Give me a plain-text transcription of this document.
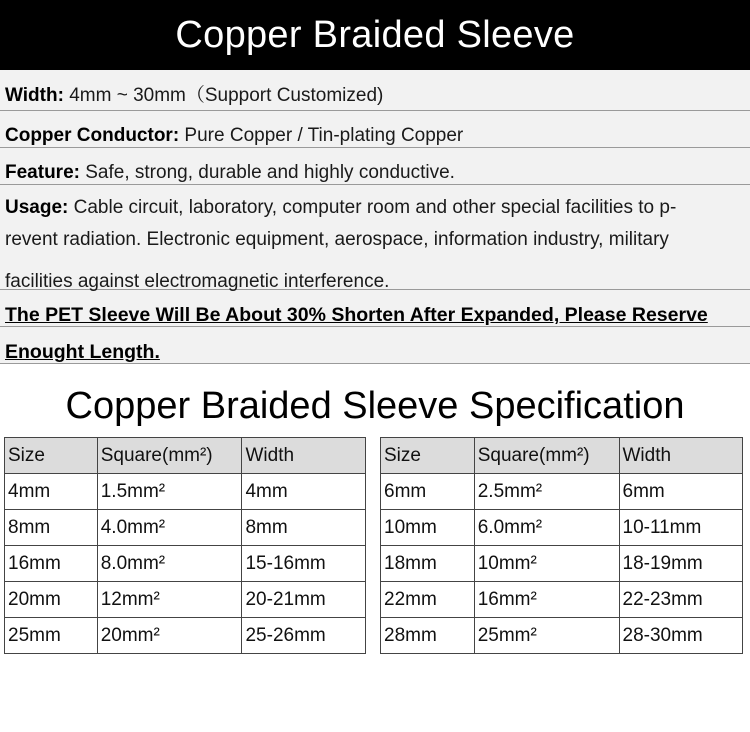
Copper Braided Sleeve
Width: 4mm ~ 30mm（Support Customized)
Copper Conductor: Pure Copper / Tin-plating Copper
Feature: Safe, strong, durable and highly conductive.
Usage: Cable circuit, laboratory, computer room and other special facilities to p-
revent radiation. Electronic equipment, aerospace, information industry, military
facilities against electromagnetic interference.
The PET Sleeve Will Be About 30% Shorten After Expanded, Please Reserve
Enought Length.
Copper Braided Sleeve Specification
Size	Square(mm²)	Width
4mm	1.5mm²	4mm
8mm	4.0mm²	8mm
16mm	8.0mm²	15-16mm
20mm	12mm²	20-21mm
25mm	20mm²	25-26mm
Size	Square(mm²)	Width
6mm	2.5mm²	6mm
10mm	6.0mm²	10-11mm
18mm	10mm²	18-19mm
22mm	16mm²	22-23mm
28mm	25mm²	28-30mm
